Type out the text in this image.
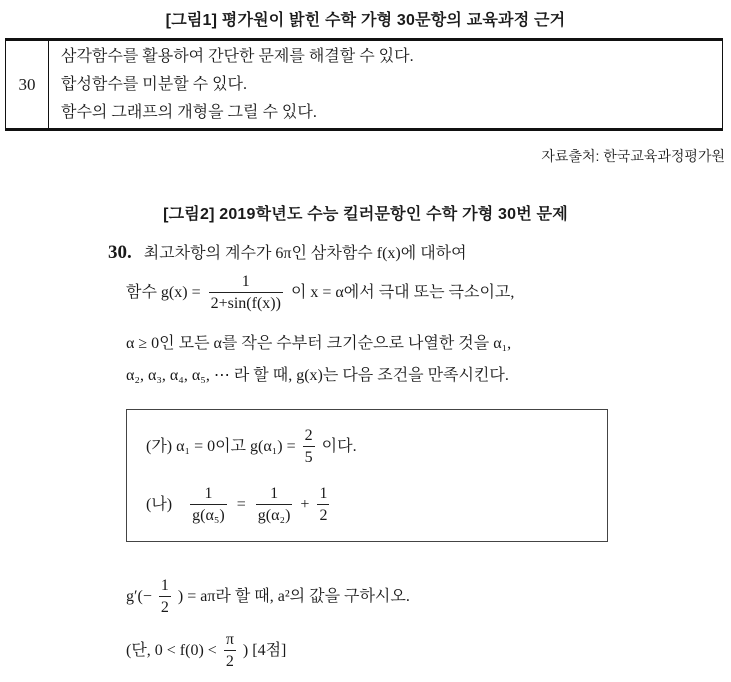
[그림1] 평가원이 밝힌 수학 가형 30문항의 교육과정 근거
30	
삼각함수를 활용하여 간단한 문제를 해결할 수 있다.
합성함수를 미분할 수 있다.
함수의 그래프의 개형을 그릴 수 있다.
자료출처: 한국교육과정평가원
[그림2] 2019학년도 수능 킬러문항인 수학 가형 30번 문제
30. 최고차항의 계수가 6π인 삼차함수 f(x)에 대하여
함수 $g(x) = \frac{1}{2+\sin(f(x))}$ 이 x = α에서 극대 또는 극소이고,
α ≥ 0인 모든 α를 작은 수부터 크기순으로 나열한 것을 α₁,
α₂, α₃, α₄, α₅, ⋯ 라 할 때, g(x)는 다음 조건을 만족시킨다.
(가) α₁ = 0이고 $g(\alpha_1) = \frac{2}{5}$ 이다.
(나) $\frac{1}{\text{g(α₅)}} = \frac{1}{\text{g(α₂)}} + \frac{1}{2}$
$g'(- \frac{1}{2}$ ) = aπ라 할 때, a²의 값을 구하시오.
(단, $0 < f(0) < \frac{\pi}{2}$ ) [4점]
